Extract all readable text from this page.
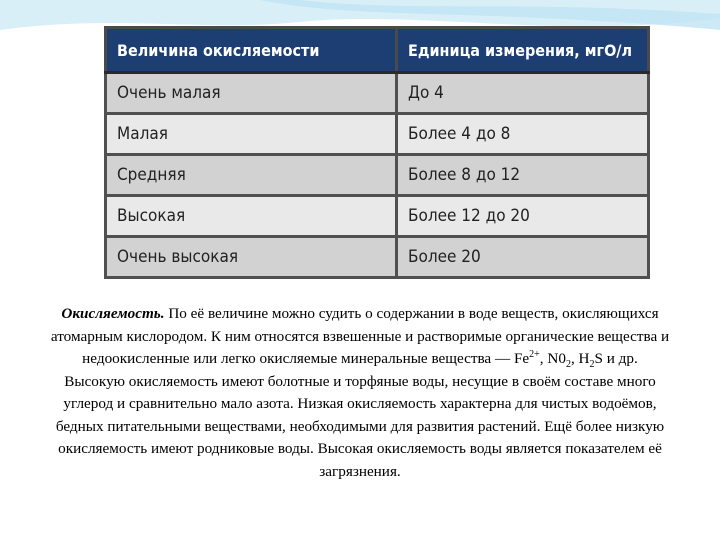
Величина окисляемости	Единица измерения, мгО/л
Очень малая	До 4
Малая	Более 4 до 8
Средняя	Более 8 до 12
Высокая	Более 12 до 20
Очень высокая	Более 20

Окисляемость. По её величине можно судить о содержании в воде веществ, окисляющихся атомарным кислородом. К ним относятся взвешенные и растворимые органические вещества и недоокисленные или легко окисляемые минеральные вещества — $Fe^{2+}$, $N0_2$, $H_2S$ и др. Высокую окисляемость имеют болотные и торфяные воды, несущие в своём составе много углерод и сравнительно мало азота. Низкая окисляемость характерна для чистых водоёмов, бедных питательными веществами, необходимыми для развития растений. Ещё более низкую окисляемость имеют родниковые воды. Высокая окисляемость воды является показателем её загрязнения.
